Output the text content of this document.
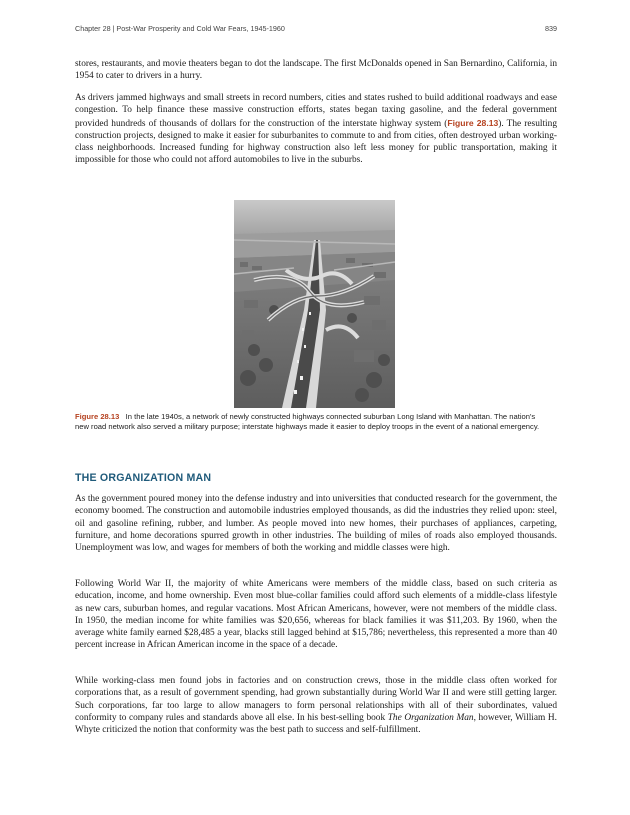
Chapter 28 | Post-War Prosperity and Cold War Fears, 1945-1960	839

stores, restaurants, and movie theaters began to dot the landscape. The first McDonalds opened in San Bernardino, California, in 1954 to cater to drivers in a hurry.

As drivers jammed highways and small streets in record numbers, cities and states rushed to build additional roadways and ease congestion. To help finance these massive construction efforts, states began taxing gasoline, and the federal government provided hundreds of thousands of dollars for the construction of the interstate highway system (Figure 28.13). The resulting construction projects, designed to make it easier for suburbanites to commute to and from cities, often destroyed urban working-class neighborhoods. Increased funding for highway construction also left less money for public transportation, making it impossible for those who could not afford automobiles to live in the suburbs.

Figure 28.13 In the late 1940s, a network of newly constructed highways connected suburban Long Island with Manhattan. The nation's new road network also served a military purpose; interstate highways made it easier to deploy troops in the event of a national emergency.

THE ORGANIZATION MAN

As the government poured money into the defense industry and into universities that conducted research for the government, the economy boomed. The construction and automobile industries employed thousands, as did the industries they relied upon: steel, oil and gasoline refining, rubber, and lumber. As people moved into new homes, their purchases of appliances, carpeting, furniture, and home decorations spurred growth in other industries. The building of miles of roads also employed thousands. Unemployment was low, and wages for members of both the working and middle classes were high.

Following World War II, the majority of white Americans were members of the middle class, based on such criteria as education, income, and home ownership. Even most blue-collar families could afford such elements of a middle-class lifestyle as new cars, suburban homes, and regular vacations. Most African Americans, however, were not members of the middle class. In 1950, the median income for white families was $20,656, whereas for black families it was $11,203. By 1960, when the average white family earned $28,485 a year, blacks still lagged behind at $15,786; nevertheless, this represented a more than 40 percent increase in African American income in the space of a decade.

While working-class men found jobs in factories and on construction crews, those in the middle class often worked for corporations that, as a result of government spending, had grown substantially during World War II and were still getting larger. Such corporations, far too large to allow managers to form personal relationships with all of their subordinates, valued conformity to company rules and standards above all else. In his best-selling book The Organization Man, however, William H. Whyte criticized the notion that conformity was the best path to success and self-fulfillment.
